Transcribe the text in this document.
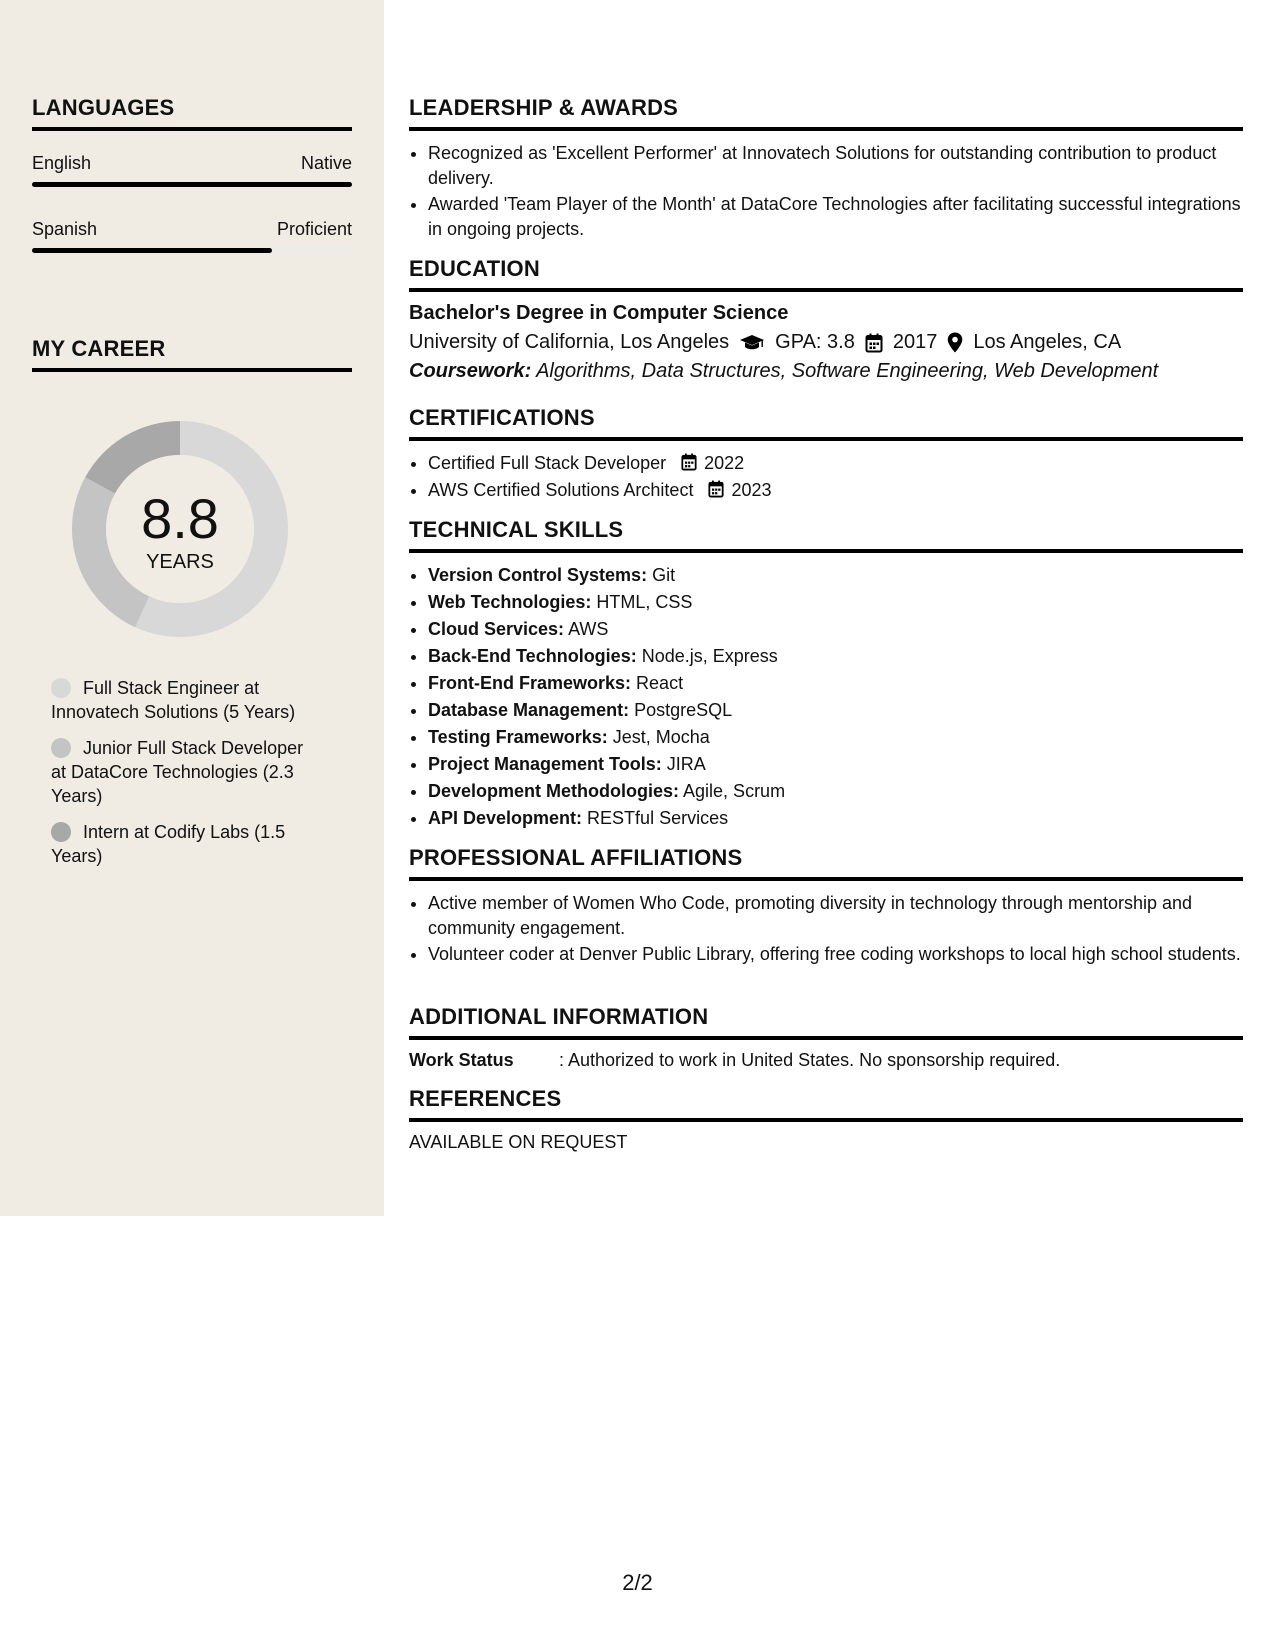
LANGUAGES
English	Native
Spanish	Proficient
MY CAREER
8.8
YEARS
Full Stack Engineer at Innovatech Solutions (5 Years)
Junior Full Stack Developer at DataCore Technologies (2.3 Years)
Intern at Codify Labs (1.5 Years)
LEADERSHIP & AWARDS
• Recognized as 'Excellent Performer' at Innovatech Solutions for outstanding contribution to product delivery.
• Awarded 'Team Player of the Month' at DataCore Technologies after facilitating successful integrations in ongoing projects.
EDUCATION
Bachelor's Degree in Computer Science
University of California, Los Angeles GPA: 3.8 2017 Los Angeles, CA
Coursework: Algorithms, Data Structures, Software Engineering, Web Development
CERTIFICATIONS
• Certified Full Stack Developer 2022
• AWS Certified Solutions Architect 2023
TECHNICAL SKILLS
• Version Control Systems: Git
• Web Technologies: HTML, CSS
• Cloud Services: AWS
• Back-End Technologies: Node.js, Express
• Front-End Frameworks: React
• Database Management: PostgreSQL
• Testing Frameworks: Jest, Mocha
• Project Management Tools: JIRA
• Development Methodologies: Agile, Scrum
• API Development: RESTful Services
PROFESSIONAL AFFILIATIONS
• Active member of Women Who Code, promoting diversity in technology through mentorship and community engagement.
• Volunteer coder at Denver Public Library, offering free coding workshops to local high school students.
ADDITIONAL INFORMATION
Work Status	: Authorized to work in United States. No sponsorship required.
REFERENCES
AVAILABLE ON REQUEST
2/2
